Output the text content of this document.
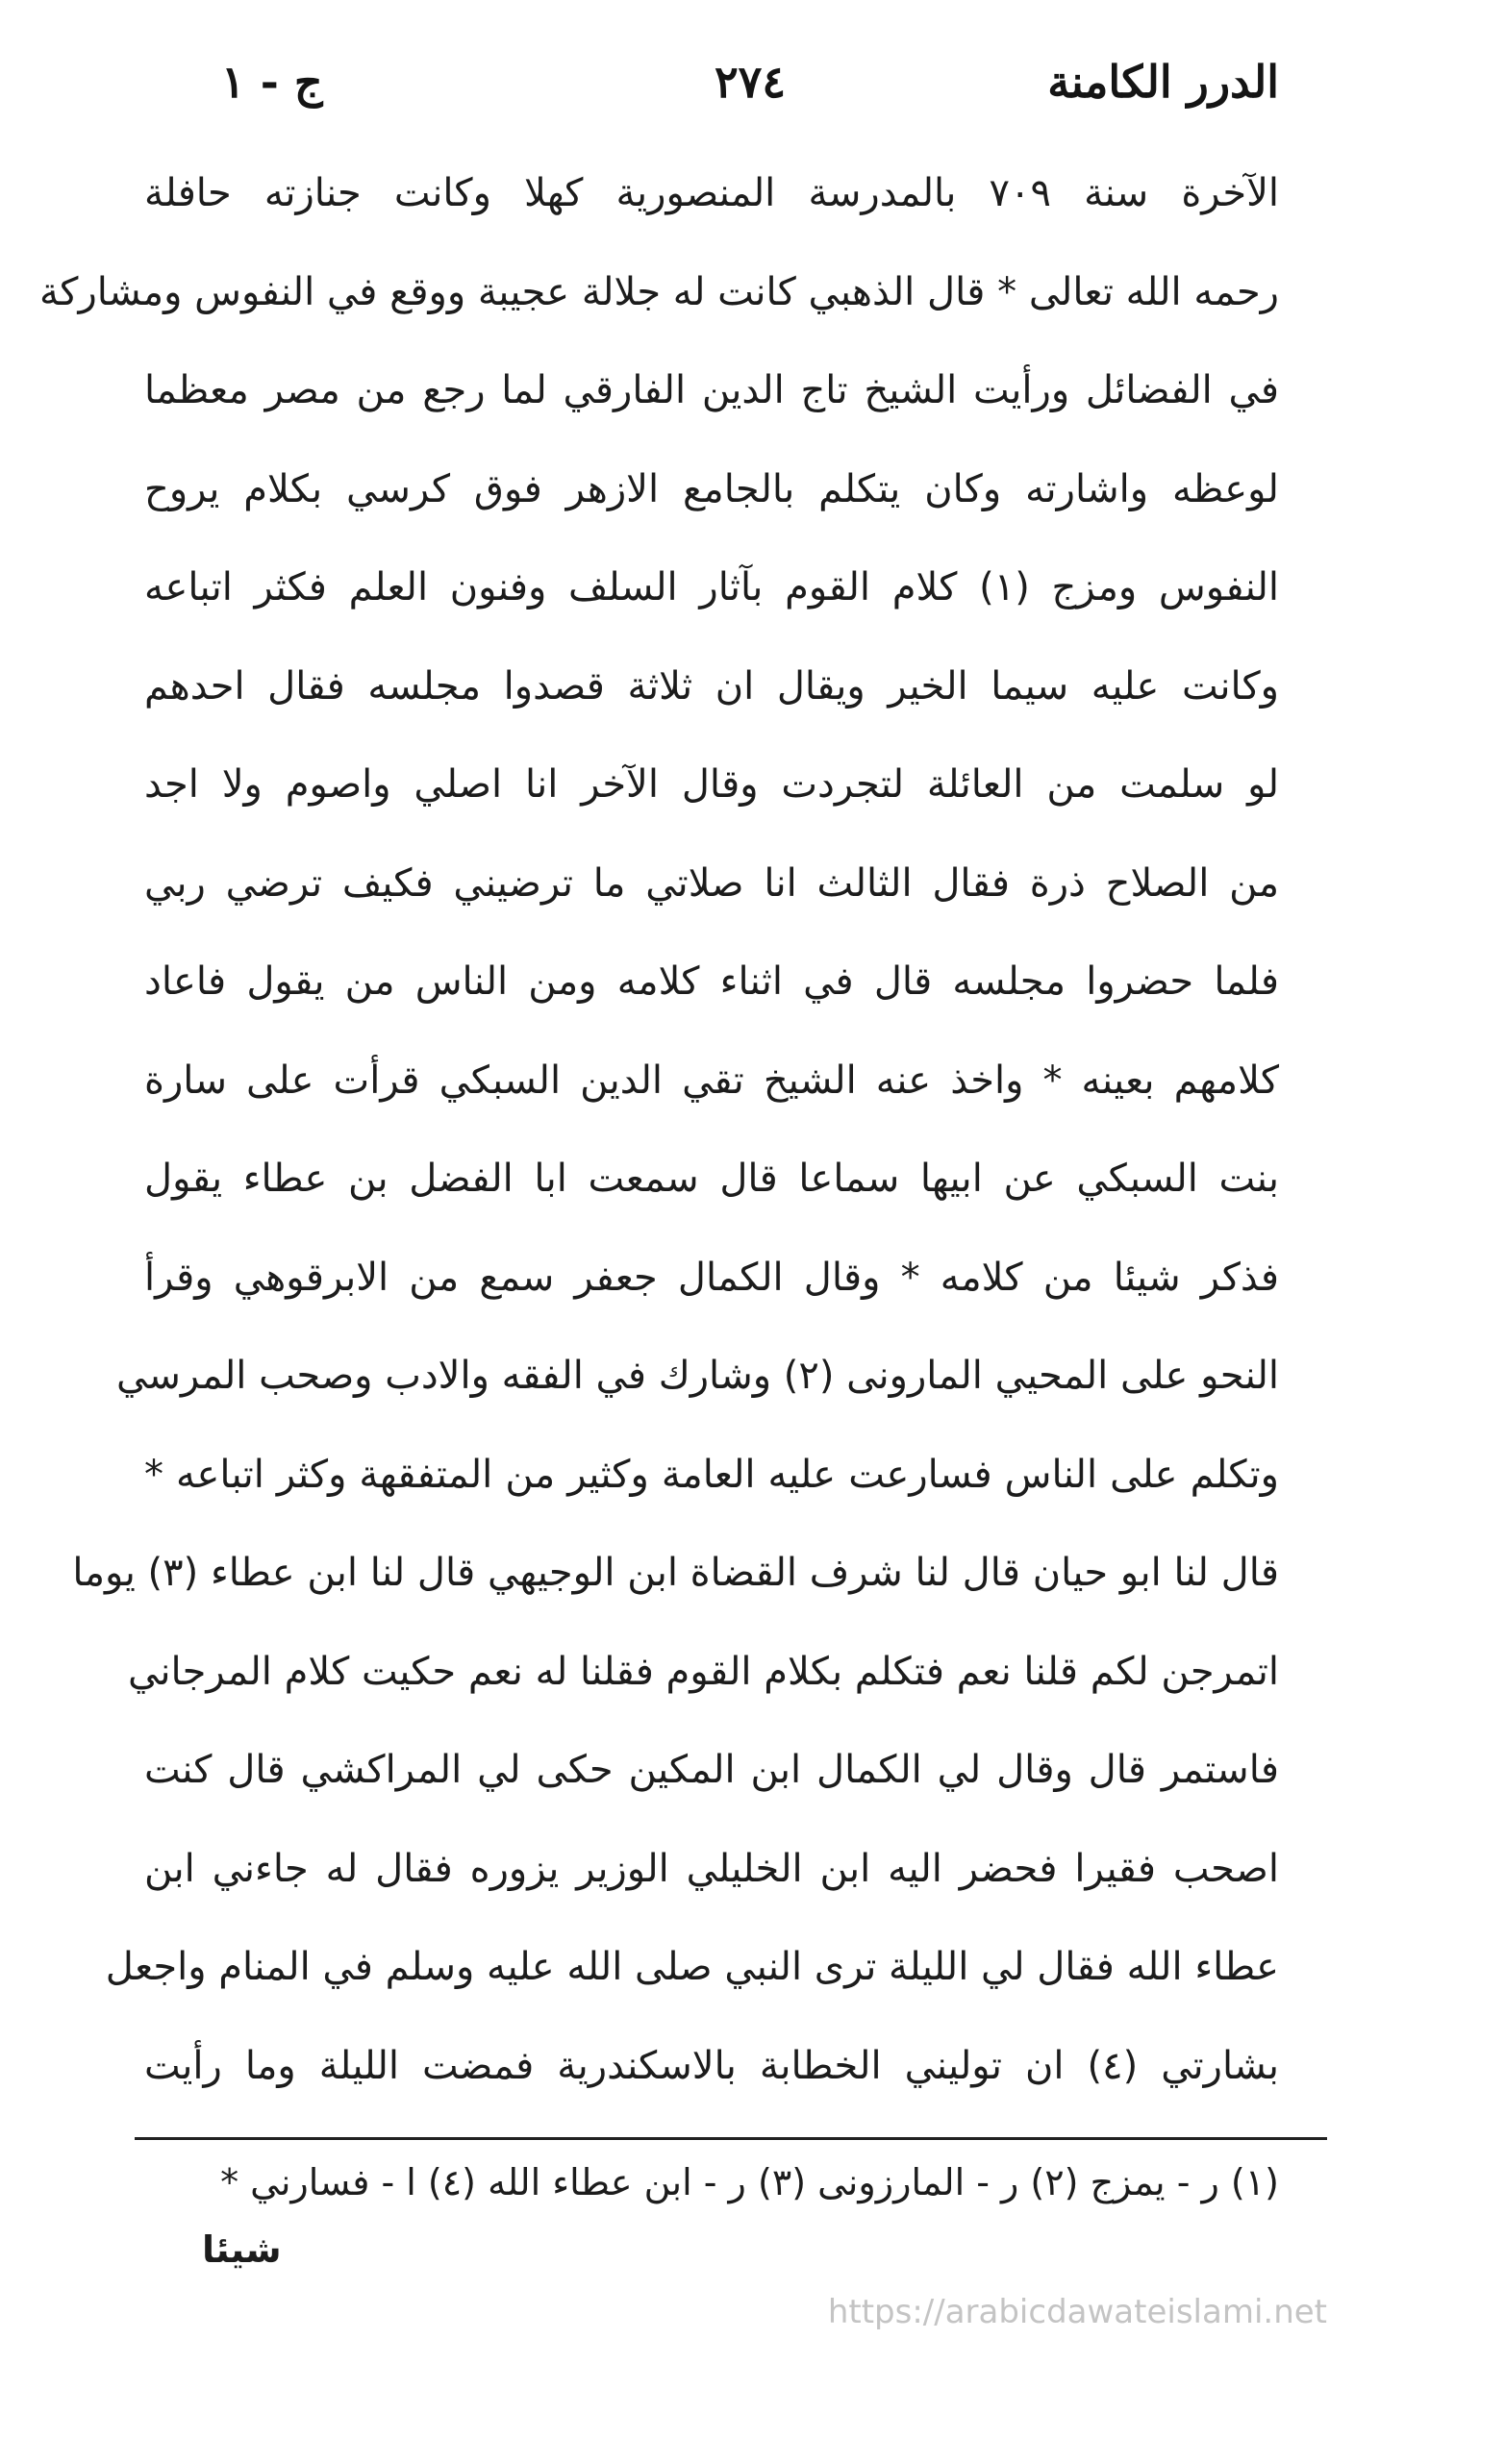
الدرر الكامنة
٢٧٤
ج - ١
الآخرة سنة ٧٠٩ بالمدرسة المنصورية كهلا وكانت جنازته حافلة
رحمه الله تعالى * قال الذهبي كانت له جلالة عجيبة ووقع في النفوس ومشاركة
في الفضائل ورأيت الشيخ تاج الدين الفارقي لما رجع من مصر معظما
لوعظه واشارته وكان يتكلم بالجامع الازهر فوق كرسي بكلام يروح
النفوس ومزج (١) كلام القوم بآثار السلف وفنون العلم فكثر اتباعه
وكانت عليه سيما الخير ويقال ان ثلاثة قصدوا مجلسه فقال احدهم
لو سلمت من العائلة لتجردت وقال الآخر انا اصلي واصوم ولا اجد
من الصلاح ذرة فقال الثالث انا صلاتي ما ترضيني فكيف ترضي ربي
فلما حضروا مجلسه قال في اثناء كلامه ومن الناس من يقول فاعاد
كلامهم بعينه * واخذ عنه الشيخ تقي الدين السبكي قرأت على سارة
بنت السبكي عن ابيها سماعا قال سمعت ابا الفضل بن عطاء يقول
فذكر شيئا من كلامه * وقال الكمال جعفر سمع من الابرقوهي وقرأ
النحو على المحيي المارونى (٢) وشارك في الفقه والادب وصحب المرسي
وتكلم على الناس فسارعت عليه العامة وكثير من المتفقهة وكثر اتباعه *
قال لنا ابو حيان قال لنا شرف القضاة ابن الوجيهي قال لنا ابن عطاء (٣) يوما
اتمرجن لكم قلنا نعم فتكلم بكلام القوم فقلنا له نعم حكيت كلام المرجاني
فاستمر قال وقال لي الكمال ابن المكين حكى لي المراكشي قال كنت
اصحب فقيرا فحضر اليه ابن الخليلي الوزير يزوره فقال له جاءني ابن
عطاء الله فقال لي الليلة ترى النبي صلى الله عليه وسلم في المنام واجعل
بشارتي (٤) ان توليني الخطابة بالاسكندرية فمضت الليلة وما رأيت
(١) ر - يمزج (٢) ر - المارزونى (٣) ر - ابن عطاء الله (٤) ا - فسارني *
شيئا
https://arabicdawateislami.net
